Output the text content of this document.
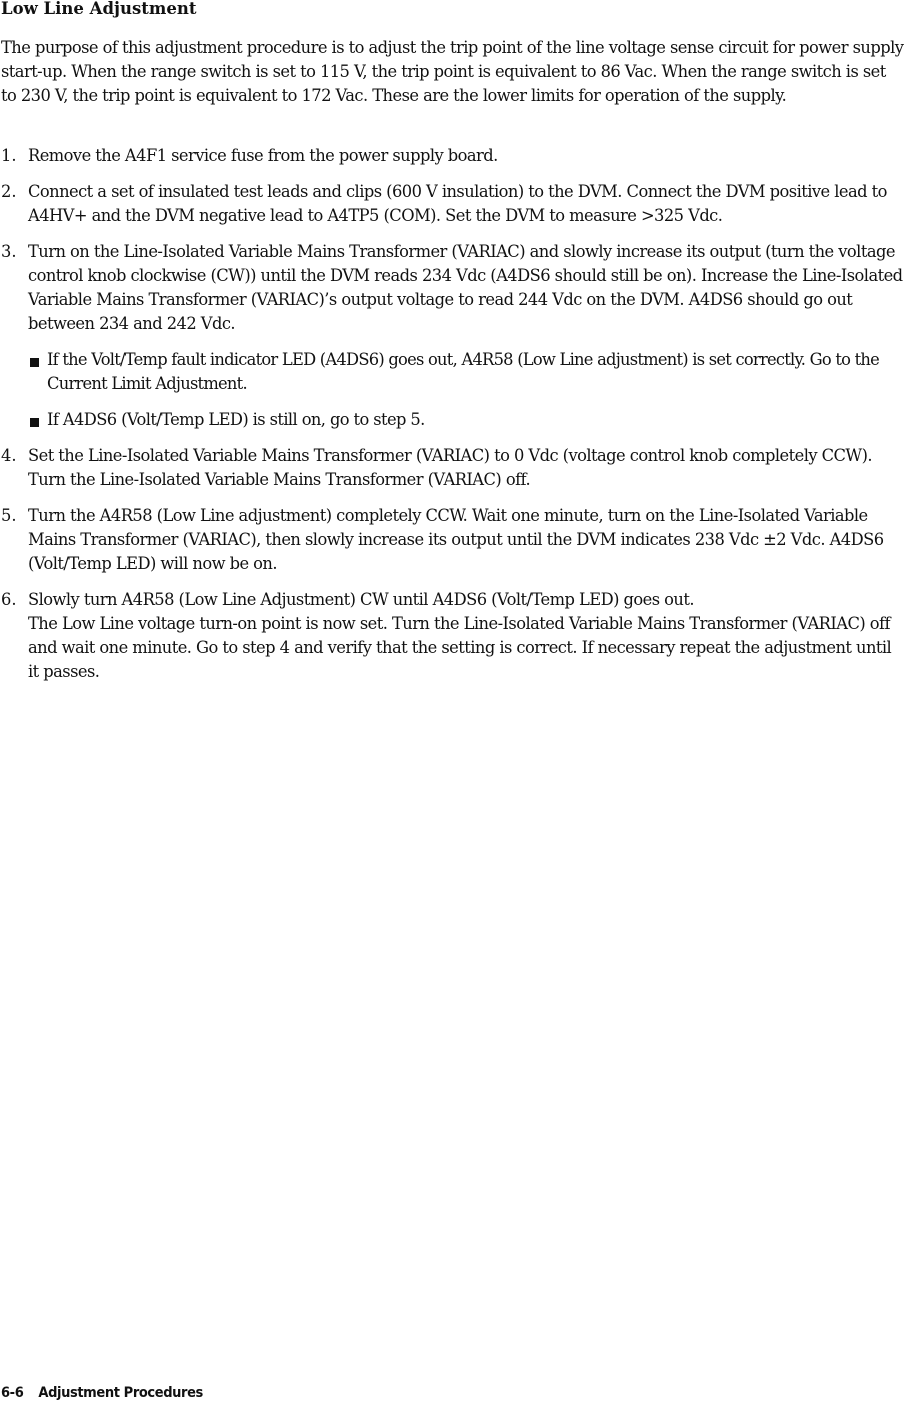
Low Line Adjustment
The purpose of this adjustment procedure is to adjust the trip point of the line voltage sense circuit for power supply start-up. When the range switch is set to 115 V, the trip point is equivalent to 86 Vac. When the range switch is set to 230 V, the trip point is equivalent to 172 Vac. These are the lower limits for operation of the supply.
1. Remove the A4F1 service fuse from the power supply board.
2. Connect a set of insulated test leads and clips (600 V insulation) to the DVM. Connect the DVM positive lead to A4HV+ and the DVM negative lead to A4TP5 (COM). Set the DVM to measure >325 Vdc.
3. Turn on the Line-Isolated Variable Mains Transformer (VARIAC) and slowly increase its output (turn the voltage control knob clockwise (CW)) until the DVM reads 234 Vdc (A4DS6 should still be on). Increase the Line-Isolated Variable Mains Transformer (VARIAC)’s output voltage to read 244 Vdc on the DVM. A4DS6 should go out between 234 and 242 Vdc.
If the Volt/Temp fault indicator LED (A4DS6) goes out, A4R58 (Low Line adjustment) is set correctly. Go to the Current Limit Adjustment.
If A4DS6 (Volt/Temp LED) is still on, go to step 5.
4. Set the Line-Isolated Variable Mains Transformer (VARIAC) to 0 Vdc (voltage control knob completely CCW). Turn the Line-Isolated Variable Mains Transformer (VARIAC) off.
5. Turn the A4R58 (Low Line adjustment) completely CCW. Wait one minute, turn on the Line-Isolated Variable Mains Transformer (VARIAC), then slowly increase its output until the DVM indicates 238 Vdc ±2 Vdc. A4DS6 (Volt/Temp LED) will now be on.
6. Slowly turn A4R58 (Low Line Adjustment) CW until A4DS6 (Volt/Temp LED) goes out.
The Low Line voltage turn-on point is now set. Turn the Line-Isolated Variable Mains Transformer (VARIAC) off and wait one minute. Go to step 4 and verify that the setting is correct. If necessary repeat the adjustment until it passes.
6-6 Adjustment Procedures
